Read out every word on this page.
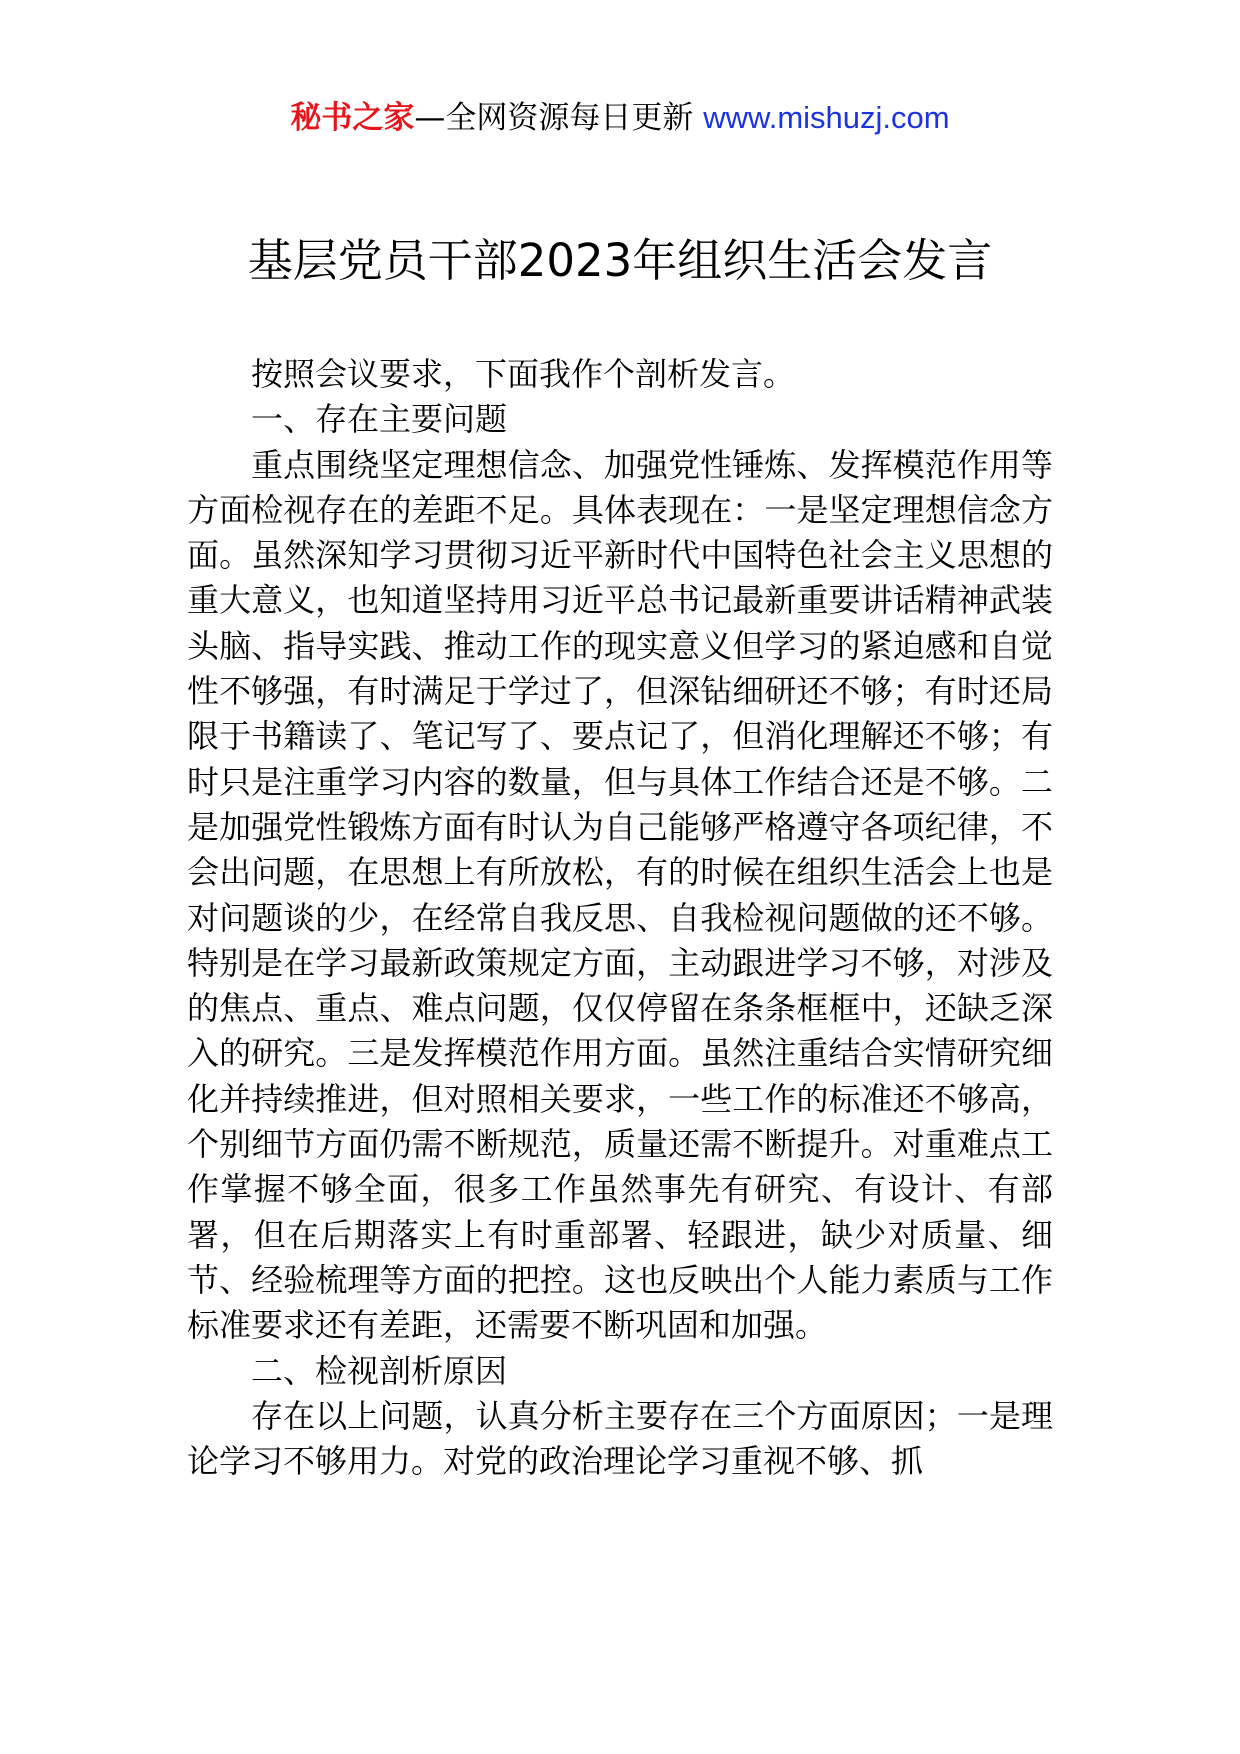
秘书之家—全网资源每日更新 www.mishuzj.com
基层党员干部2023年组织生活会发言

按照会议要求，下面我作个剖析发言。

一、存在主要问题

重点围绕坚定理想信念、加强党性锤炼、发挥模范作用等方面检视存在的差距不足。具体表现在：一是坚定理想信念方面。虽然深知学习贯彻习近平新时代中国特色社会主义思想的重大意义，也知道坚持用习近平总书记最新重要讲话精神武装头脑、指导实践、推动工作的现实意义但学习的紧迫感和自觉性不够强，有时满足于学过了，但深钻细研还不够；有时还局限于书籍读了、笔记写了、要点记了，但消化理解还不够；有时只是注重学习内容的数量，但与具体工作结合还是不够。二是加强党性锻炼方面有时认为自己能够严格遵守各项纪律，不会出问题，在思想上有所放松，有的时候在组织生活会上也是对问题谈的少，在经常自我反思、自我检视问题做的还不够。特别是在学习最新政策规定方面，主动跟进学习不够，对涉及的焦点、重点、难点问题，仅仅停留在条条框框中，还缺乏深入的研究。三是发挥模范作用方面。虽然注重结合实情研究细化并持续推进，但对照相关要求，一些工作的标准还不够高，个别细节方面仍需不断规范，质量还需不断提升。对重难点工作掌握不够全面，很多工作虽然事先有研究、有设计、有部署，但在后期落实上有时重部署、轻跟进，缺少对质量、细节、经验梳理等方面的把控。这也反映出个人能力素质与工作标准要求还有差距，还需要不断巩固和加强。

二、检视剖析原因

存在以上问题，认真分析主要存在三个方面原因；一是理论学习不够用力。对党的政治理论学习重视不够、抓
